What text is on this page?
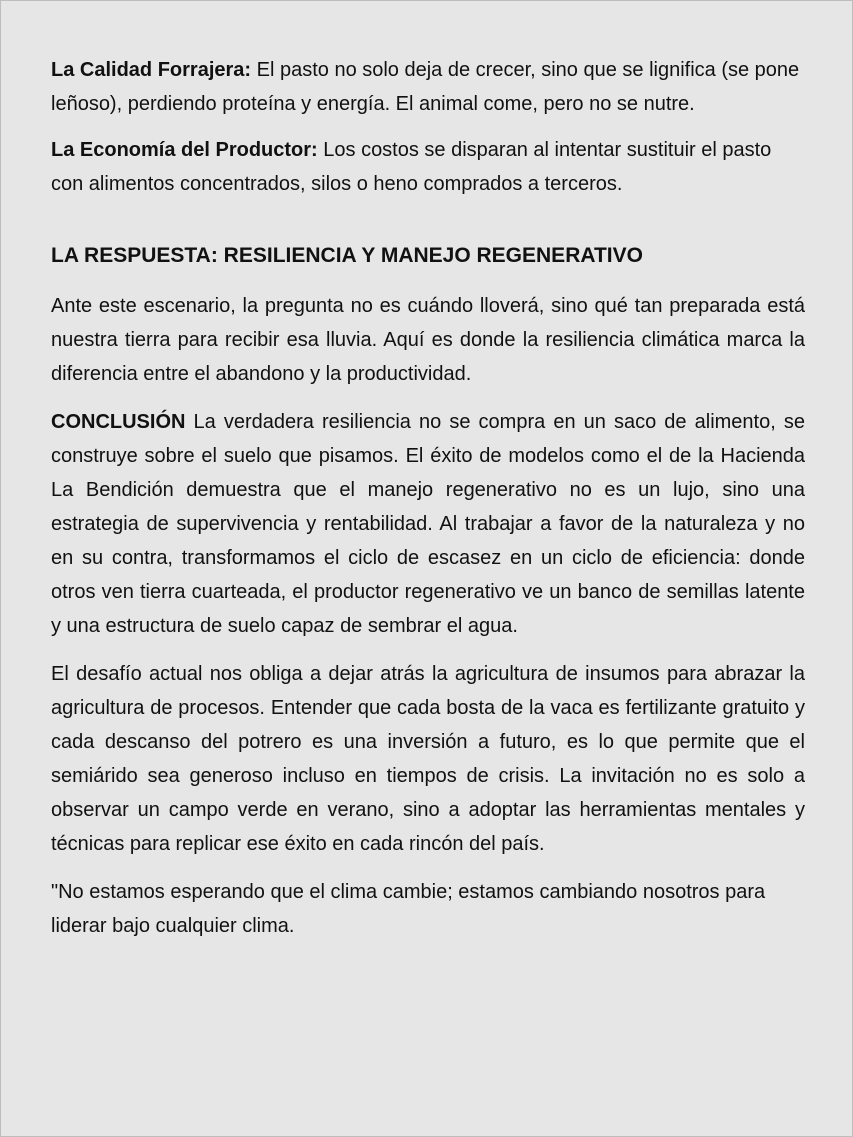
La Calidad Forrajera: El pasto no solo deja de crecer, sino que se lignifica (se pone leñoso), perdiendo proteína y energía. El animal come, pero no se nutre.

La Economía del Productor: Los costos se disparan al intentar sustituir el pasto con alimentos concentrados, silos o heno comprados a terceros.

LA RESPUESTA: RESILIENCIA Y MANEJO REGENERATIVO

Ante este escenario, la pregunta no es cuándo lloverá, sino qué tan preparada está nuestra tierra para recibir esa lluvia. Aquí es donde la resiliencia climática marca la diferencia entre el abandono y la productividad.

CONCLUSIÓN La verdadera resiliencia no se compra en un saco de alimento, se construye sobre el suelo que pisamos. El éxito de modelos como el de la Hacienda La Bendición demuestra que el manejo regenerativo no es un lujo, sino una estrategia de supervivencia y rentabilidad. Al trabajar a favor de la naturaleza y no en su contra, transformamos el ciclo de escasez en un ciclo de eficiencia: donde otros ven tierra cuarteada, el productor regenerativo ve un banco de semillas latente y una estructura de suelo capaz de sembrar el agua.

El desafío actual nos obliga a dejar atrás la agricultura de insumos para abrazar la agricultura de procesos. Entender que cada bosta de la vaca es fertilizante gratuito y cada descanso del potrero es una inversión a futuro, es lo que permite que el semiárido sea generoso incluso en tiempos de crisis. La invitación no es solo a observar un campo verde en verano, sino a adoptar las herramientas mentales y técnicas para replicar ese éxito en cada rincón del país.

"No estamos esperando que el clima cambie; estamos cambiando nosotros para liderar bajo cualquier clima.
